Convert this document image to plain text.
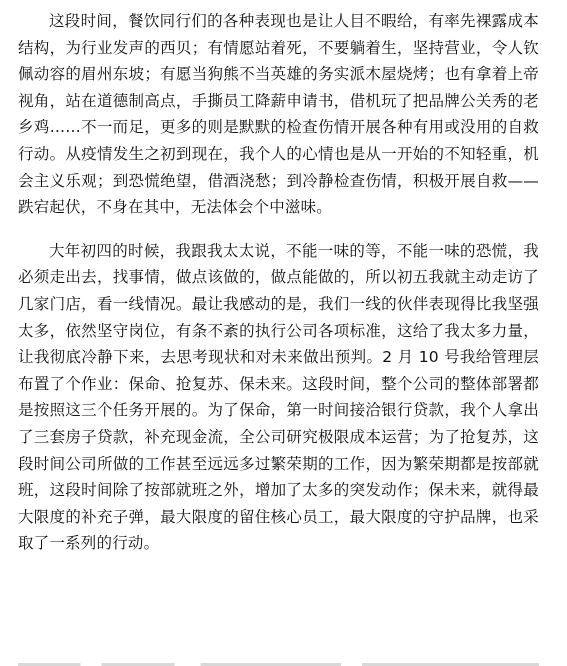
这段时间，餐饮同行们的各种表现也是让人目不暇给，有率先裸露成本结构，为行业发声的西贝；有情愿站着死，不要躺着生，坚持营业，令人钦佩动容的眉州东坡；有愿当狗熊不当英雄的务实派木屋烧烤；也有拿着上帝视角，站在道德制高点，手撕员工降薪申请书，借机玩了把品牌公关秀的老乡鸡……不一而足，更多的则是默默的检查伤情开展各种有用或没用的自救行动。从疫情发生之初到现在，我个人的心情也是从一开始的不知轻重，机会主义乐观；到恐慌绝望，借酒浇愁；到冷静检查伤情，积极开展自救——跌宕起伏，不身在其中，无法体会个中滋味。

大年初四的时候，我跟我太太说，不能一味的等，不能一味的恐慌，我必须走出去，找事情，做点该做的，做点能做的，所以初五我就主动走访了几家门店，看一线情况。最让我感动的是，我们一线的伙伴表现得比我坚强太多，依然坚守岗位，有条不紊的执行公司各项标准，这给了我太多力量，让我彻底冷静下来，去思考现状和对未来做出预判。2 月 10 号我给管理层布置了个作业：保命、抢复苏、保未来。这段时间，整个公司的整体部署都是按照这三个任务开展的。为了保命，第一时间接洽银行贷款，我个人拿出了三套房子贷款，补充现金流，全公司研究极限成本运营；为了抢复苏，这段时间公司所做的工作甚至远远多过繁荣期的工作，因为繁荣期都是按部就班，这段时间除了按部就班之外，增加了太多的突发动作；保未来，就得最大限度的补充子弹，最大限度的留住核心员工，最大限度的守护品牌，也采取了一系列的行动。
